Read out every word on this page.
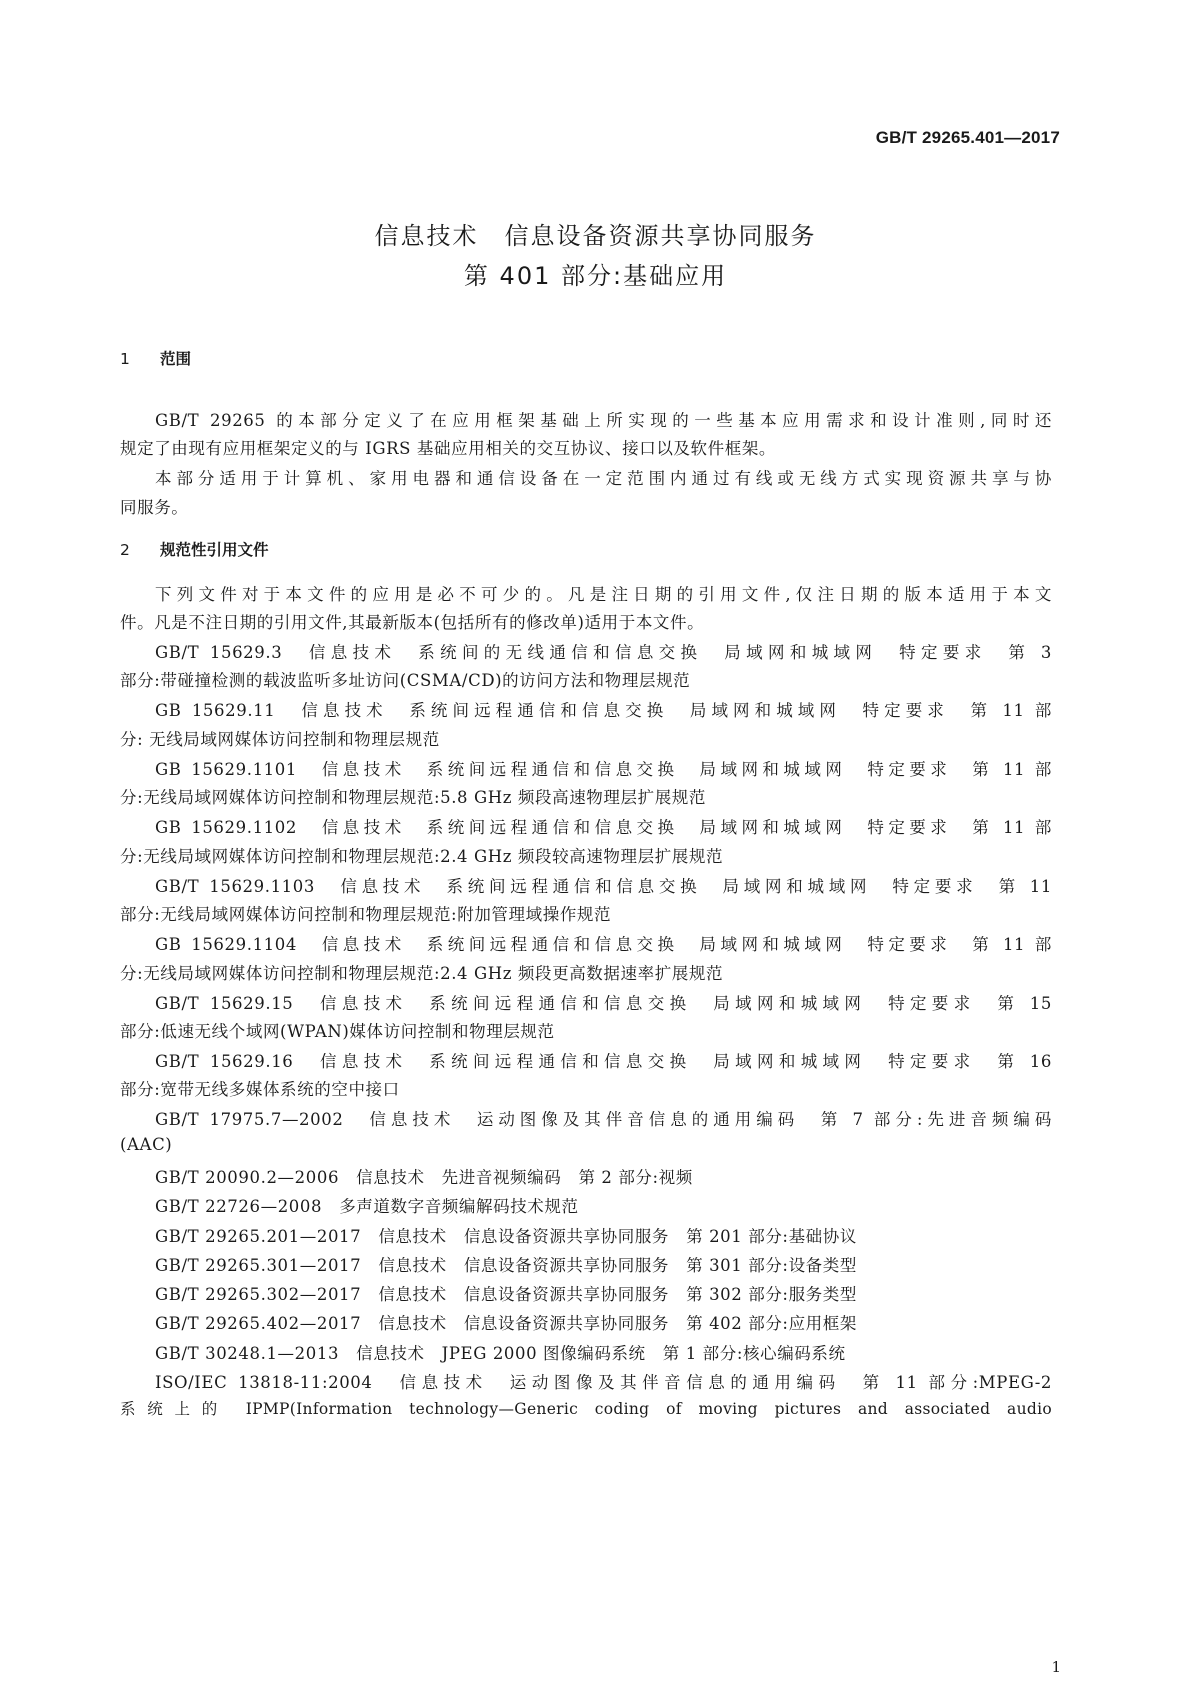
GB/T 29265.401—2017
信息技术　信息设备资源共享协同服务
第 401 部分:基础应用
1 范围
GB/T 29265 的本部分定义了在应用框架基础上所实现的一些基本应用需求和设计准则,同时还
规定了由现有应用框架定义的与 IGRS 基础应用相关的交互协议、接口以及软件框架。
本部分适用于计算机、家用电器和通信设备在一定范围内通过有线或无线方式实现资源共享与协
同服务。
2 规范性引用文件
下列文件对于本文件的应用是必不可少的。凡是注日期的引用文件,仅注日期的版本适用于本文
件。凡是不注日期的引用文件,其最新版本(包括所有的修改单)适用于本文件。
GB/T 15629.3　信息技术　系统间的无线通信和信息交换　局域网和城域网　特定要求　第 3
部分:带碰撞检测的载波监听多址访问(CSMA/CD)的访问方法和物理层规范
GB 15629.11　信息技术　系统间远程通信和信息交换　局域网和城域网　特定要求　第 11 部
分: 无线局域网媒体访问控制和物理层规范
GB 15629.1101　信息技术　系统间远程通信和信息交换　局域网和城域网　特定要求　第 11 部
分:无线局域网媒体访问控制和物理层规范:5.8 GHz 频段高速物理层扩展规范
GB 15629.1102　信息技术　系统间远程通信和信息交换　局域网和城域网　特定要求　第 11 部
分:无线局域网媒体访问控制和物理层规范:2.4 GHz 频段较高速物理层扩展规范
GB/T 15629.1103　信息技术　系统间远程通信和信息交换　局域网和城域网　特定要求　第 11
部分:无线局域网媒体访问控制和物理层规范:附加管理域操作规范
GB 15629.1104　信息技术　系统间远程通信和信息交换　局域网和城域网　特定要求　第 11 部
分:无线局域网媒体访问控制和物理层规范:2.4 GHz 频段更高数据速率扩展规范
GB/T 15629.15　信息技术　系统间远程通信和信息交换　局域网和城域网　特定要求　第 15
部分:低速无线个域网(WPAN)媒体访问控制和物理层规范
GB/T 15629.16　信息技术　系统间远程通信和信息交换　局域网和城域网　特定要求　第 16
部分:宽带无线多媒体系统的空中接口
GB/T 17975.7—2002　信息技术　运动图像及其伴音信息的通用编码　第 7 部分:先进音频编码
(AAC)
GB/T 20090.2—2006　信息技术　先进音视频编码　第 2 部分:视频
GB/T 22726—2008　多声道数字音频编解码技术规范
GB/T 29265.201—2017　信息技术　信息设备资源共享协同服务　第 201 部分:基础协议
GB/T 29265.301—2017　信息技术　信息设备资源共享协同服务　第 301 部分:设备类型
GB/T 29265.302—2017　信息技术　信息设备资源共享协同服务　第 302 部分:服务类型
GB/T 29265.402—2017　信息技术　信息设备资源共享协同服务　第 402 部分:应用框架
GB/T 30248.1—2013　信息技术　JPEG 2000 图像编码系统　第 1 部分:核心编码系统
ISO/IEC 13818-11:2004　信息技术　运动图像及其伴音信息的通用编码　第 11 部分:MPEG-2
系统上的 IPMP(Information technology—Generic coding of moving pictures and associated audio
1
